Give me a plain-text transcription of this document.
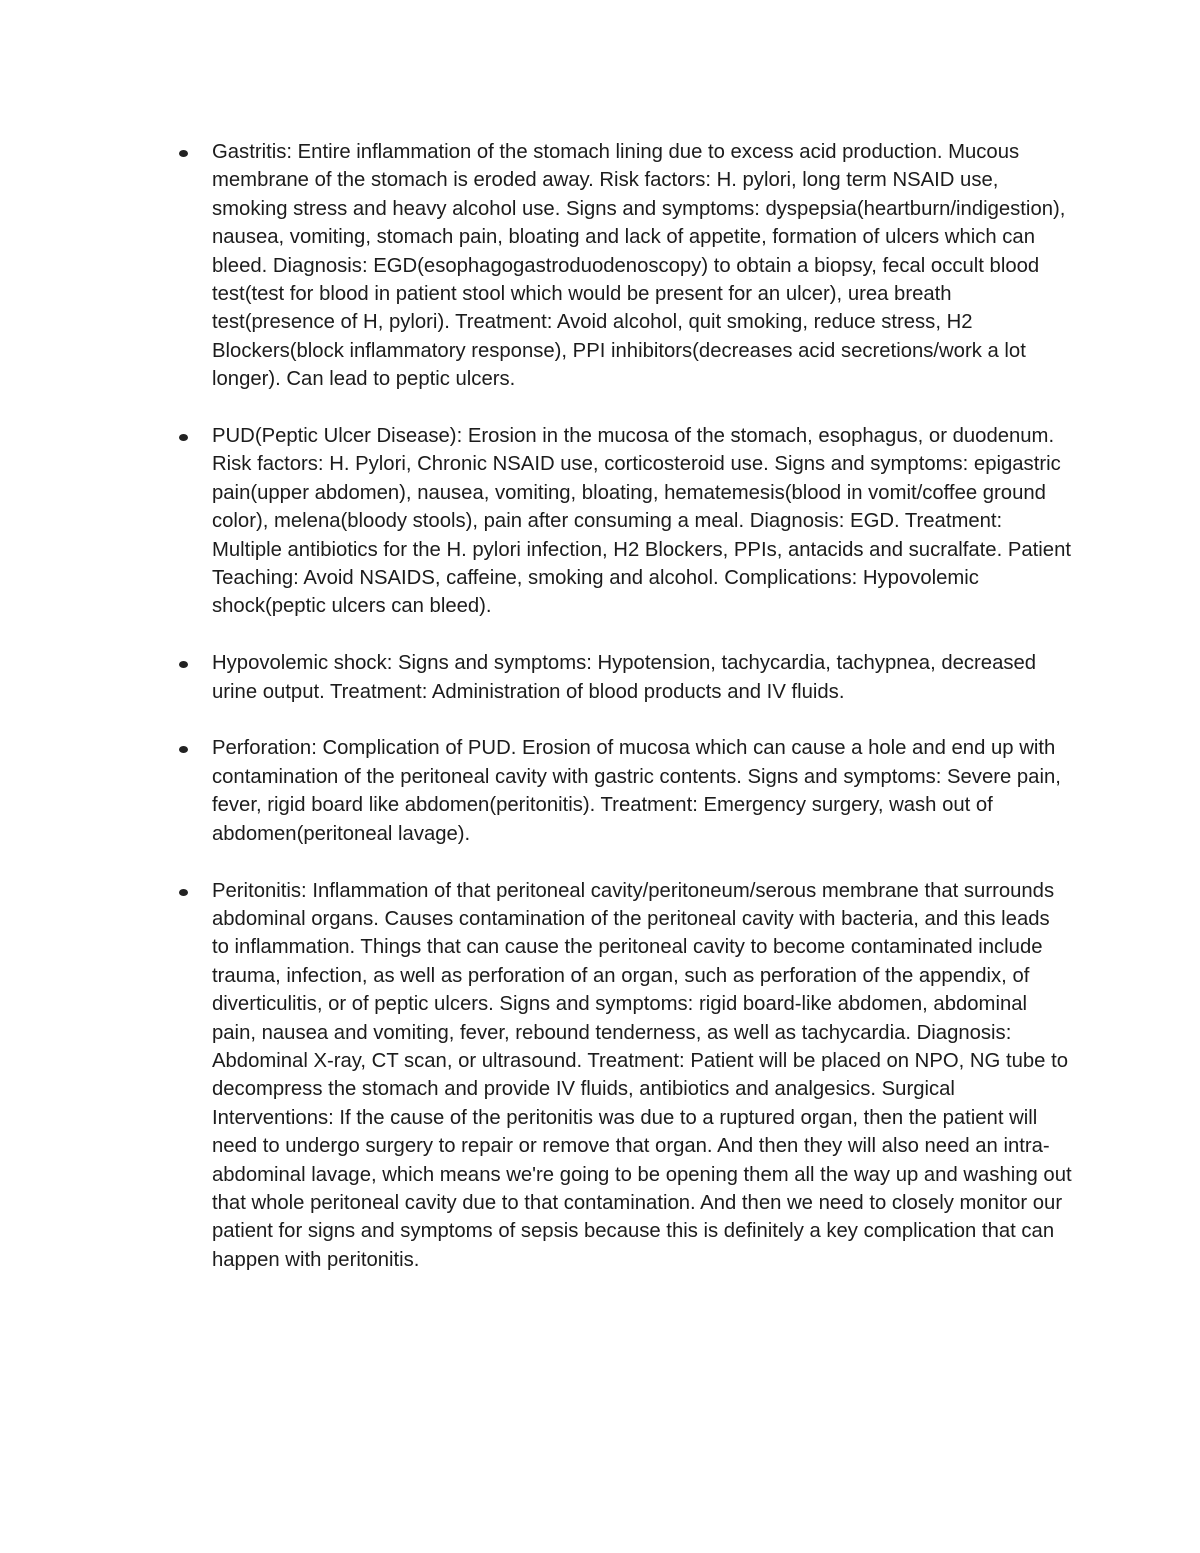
Gastritis: Entire inflammation of the stomach lining due to excess acid production. Mucous membrane of the stomach is eroded away. Risk factors: H. pylori, long term NSAID use, smoking stress and heavy alcohol use. Signs and symptoms: dyspepsia(heartburn/indigestion), nausea, vomiting, stomach pain, bloating and lack of appetite, formation of ulcers which can bleed. Diagnosis: EGD(esophagogastroduodenoscopy) to obtain a biopsy, fecal occult blood test(test for blood in patient stool which would be present for an ulcer), urea breath test(presence of H, pylori). Treatment: Avoid alcohol, quit smoking, reduce stress, H2 Blockers(block inflammatory response), PPI inhibitors(decreases acid secretions/work a lot longer). Can lead to peptic ulcers.
PUD(Peptic Ulcer Disease): Erosion in the mucosa of the stomach, esophagus, or duodenum. Risk factors: H. Pylori, Chronic NSAID use, corticosteroid use. Signs and symptoms: epigastric pain(upper abdomen), nausea, vomiting, bloating, hematemesis(blood in vomit/coffee ground color), melena(bloody stools), pain after consuming a meal. Diagnosis: EGD. Treatment: Multiple antibiotics for the H. pylori infection, H2 Blockers, PPIs, antacids and sucralfate. Patient Teaching: Avoid NSAIDS, caffeine, smoking and alcohol. Complications: Hypovolemic shock(peptic ulcers can bleed).
Hypovolemic shock: Signs and symptoms: Hypotension, tachycardia, tachypnea, decreased urine output. Treatment: Administration of blood products and IV fluids.
Perforation: Complication of PUD. Erosion of mucosa which can cause a hole and end up with contamination of the peritoneal cavity with gastric contents. Signs and symptoms: Severe pain, fever, rigid board like abdomen(peritonitis). Treatment: Emergency surgery, wash out of abdomen(peritoneal lavage).
Peritonitis: Inflammation of that peritoneal cavity/peritoneum/serous membrane that surrounds abdominal organs. Causes contamination of the peritoneal cavity with bacteria, and this leads to inflammation. Things that can cause the peritoneal cavity to become contaminated include trauma, infection, as well as perforation of an organ, such as perforation of the appendix, of diverticulitis, or of peptic ulcers. Signs and symptoms: rigid board-like abdomen, abdominal pain, nausea and vomiting, fever, rebound tenderness, as well as tachycardia. Diagnosis: Abdominal X-ray, CT scan, or ultrasound. Treatment: Patient will be placed on NPO, NG tube to decompress the stomach and provide IV fluids, antibiotics and analgesics. Surgical Interventions: If the cause of the peritonitis was due to a ruptured organ, then the patient will need to undergo surgery to repair or remove that organ. And then they will also need an intra-abdominal lavage, which means we're going to be opening them all the way up and washing out that whole peritoneal cavity due to that contamination. And then we need to closely monitor our patient for signs and symptoms of sepsis because this is definitely a key complication that can happen with peritonitis.
